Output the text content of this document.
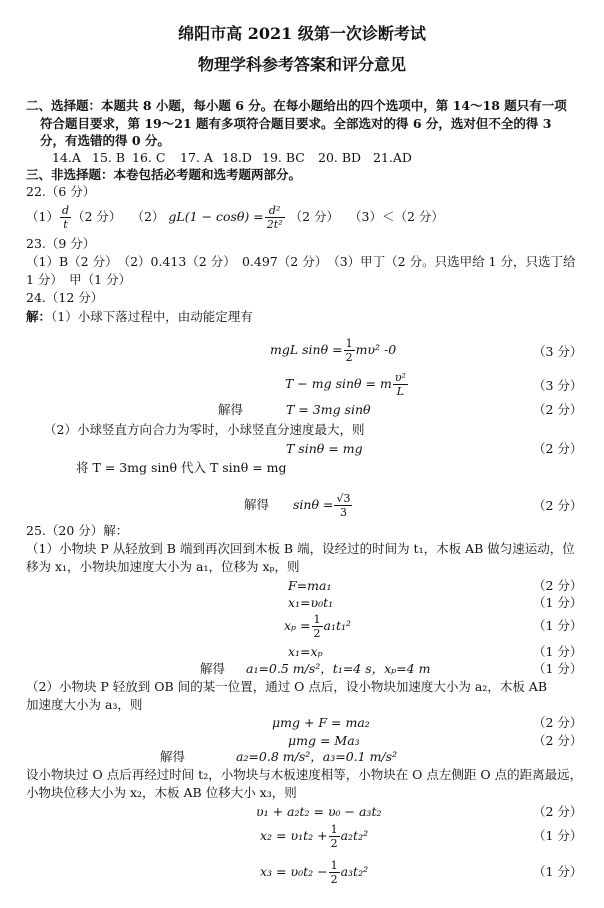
绵阳市高 2021 级第一次诊断考试
物理学科参考答案和评分意见
二、选择题：本题共 8 小题，每小题 6 分。在每小题给出的四个选项中，第 14～18 题只有一项
符合题目要求，第 19～21 题有多项符合题目要求。全部选对的得 6 分，选对但不全的得 3
分，有选错的得 0 分。
14.A 15. B 16. C 17. A 18.D 19. BC 20. BD 21.AD
三、非选择题：本卷包括必考题和选考题两部分。
22.（6 分）
$(1) \frac{d}{t} (2$ 分） （2） $gL(1 - \cos\theta) = \frac{\text{d²}}{\text{2t²}} (2$ 分） （3）＜（2 分）
23.（9 分）
（1）B（2 分）　（2）0.413（2 分）　0.497（2 分）　（3）甲丁（2 分。只选甲给 1 分，只选丁给
1 分）　甲（1 分）
24.（12 分）
解：（1）小球下落过程中，由动能定理有
mgL $\sin\theta = \frac{1}{2} m\upsilon^2$ -0	（3 分）
T − mg sinθ = m $\frac{\text{υ²}}{L}$	（3 分）
解得	T = 3mg sinθ	（2 分）
（2）小球竖直方向合力为零时，小球竖直分速度最大，则
T sinθ = mg	（2 分）
将 T = 3mg sinθ 代入 T sinθ = mg
解得 $\sin\theta = \frac{√3}{3}$	（2 分）
25.（20 分）解：
（1）小物块 P 从轻放到 B 端到再次回到木板 B 端，设经过的时间为 t₁，木板 AB 做匀速运动，位
移为 x₁，小物块加速度大小为 a₁，位移为 xₚ，则
F=ma₁	（2 分）
x₁=υ₀t₁	（1 分）
$x_p = \frac{1}{2} a_1t_1^2$	（1 分）
x₁=xₚ	（1 分）
解得 a₁=0.5 m/s²，t₁=4 s，xₚ=4 m	（1 分）
（2）小物块 P 轻放到 OB 间的某一位置，通过 O 点后，设小物块加速度大小为 a₂，木板 AB
加速度大小为 a₃，则
μmg + F = ma₂	（2 分）
μmg = Ma₃	（2 分）
解得	a₂=0.8 m/s²，a₃=0.1 m/s²
设小物块过 O 点后再经过时间 t₂，小物块与木板速度相等，小物块在 O 点左侧距 O 点的距离最远，
小物块位移大小为 x₂，木板 AB 位移大小 x₃，则
υ₁ + a₂t₂ = υ₀ − a₃t₂	（2 分）
$x_2 = \upsilon_1t_2 + \frac{1}{2} a_2t_2^2$	（1 分）
$x_3 = \upsilon_0t_2 - \frac{1}{2} a_3t_2^2$	（1 分）
